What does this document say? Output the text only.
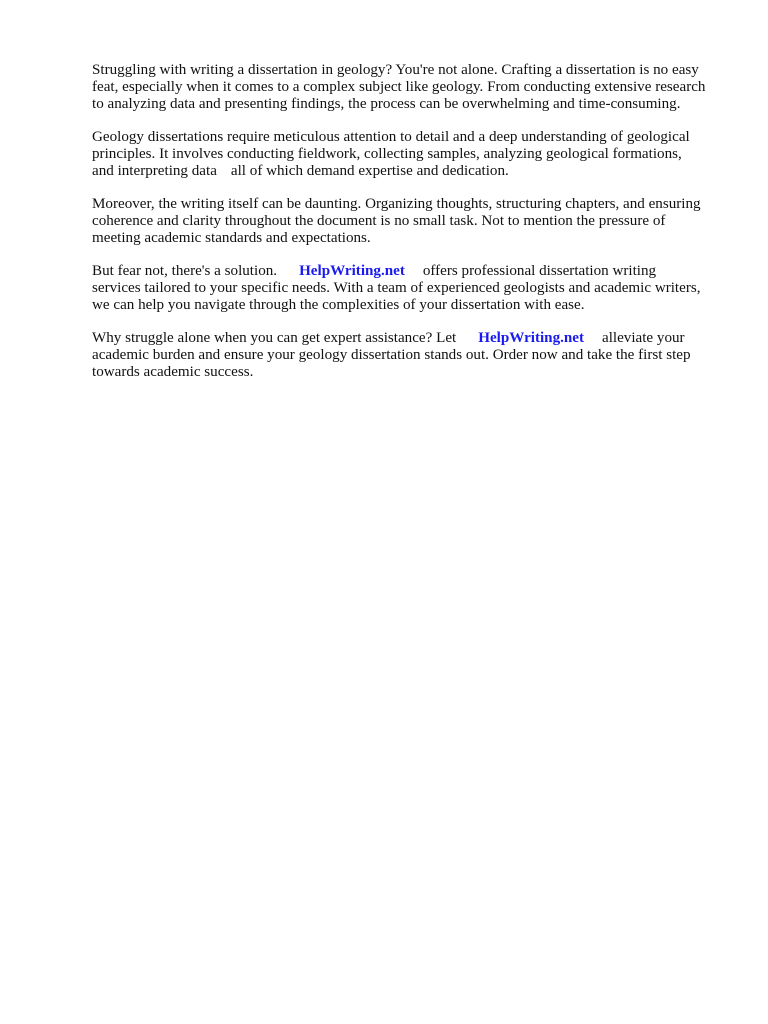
Struggling with writing a dissertation in geology? You're not alone. Crafting a dissertation is no easy
feat, especially when it comes to a complex subject like geology. From conducting extensive research
to analyzing data and presenting findings, the process can be overwhelming and time-consuming.

Geology dissertations require meticulous attention to detail and a deep understanding of geological
principles. It involves conducting fieldwork, collecting samples, analyzing geological formations,
and interpreting data all of which demand expertise and dedication.

Moreover, the writing itself can be daunting. Organizing thoughts, structuring chapters, and ensuring
coherence and clarity throughout the document is no small task. Not to mention the pressure of
meeting academic standards and expectations.

But fear not, there's a solution. HelpWriting.net offers professional dissertation writing
services tailored to your specific needs. With a team of experienced geologists and academic writers,
we can help you navigate through the complexities of your dissertation with ease.

Why struggle alone when you can get expert assistance? Let HelpWriting.net alleviate your
academic burden and ensure your geology dissertation stands out. Order now and take the first step
towards academic success.
